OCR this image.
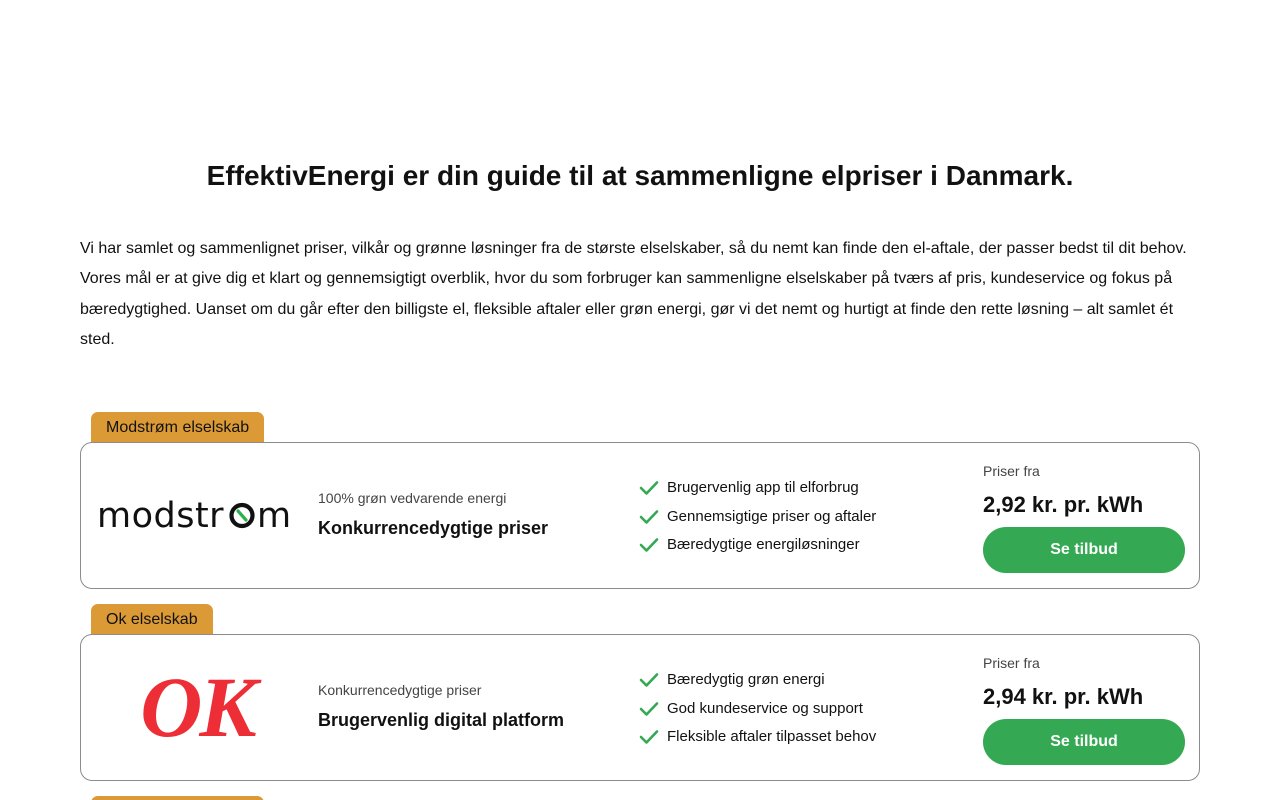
EffektivEnergi er din guide til at sammenligne elpriser i Danmark.

Vi har samlet og sammenlignet priser, vilkår og grønne løsninger fra de største elselskaber, så du nemt kan finde den el-aftale, der passer bedst til dit behov. Vores mål er at give dig et klart og gennemsigtigt overblik, hvor du som forbruger kan sammenligne elselskaber på tværs af pris, kundeservice og fokus på bæredygtighed. Uanset om du går efter den billigste el, fleksible aftaler eller grøn energi, gør vi det nemt og hurtigt at finde den rette løsning – alt samlet ét sted.

Modstrøm elselskab
modstr m 100% grøn vedvarende energi
Konkurrencedygtige priser
Brugervenlig app til elforbrug
Gennemsigtige priser og aftaler
Bæredygtige energiløsninger
Priser fra
2,92 kr. pr. kWh
Se tilbud
Ok elselskab
OK	Konkurrencedygtige priser
Brugervenlig digital platform
Bæredygtig grøn energi
God kundeservice og support
Fleksible aftaler tilpasset behov
Priser fra
2,94 kr. pr. kWh
Se tilbud
